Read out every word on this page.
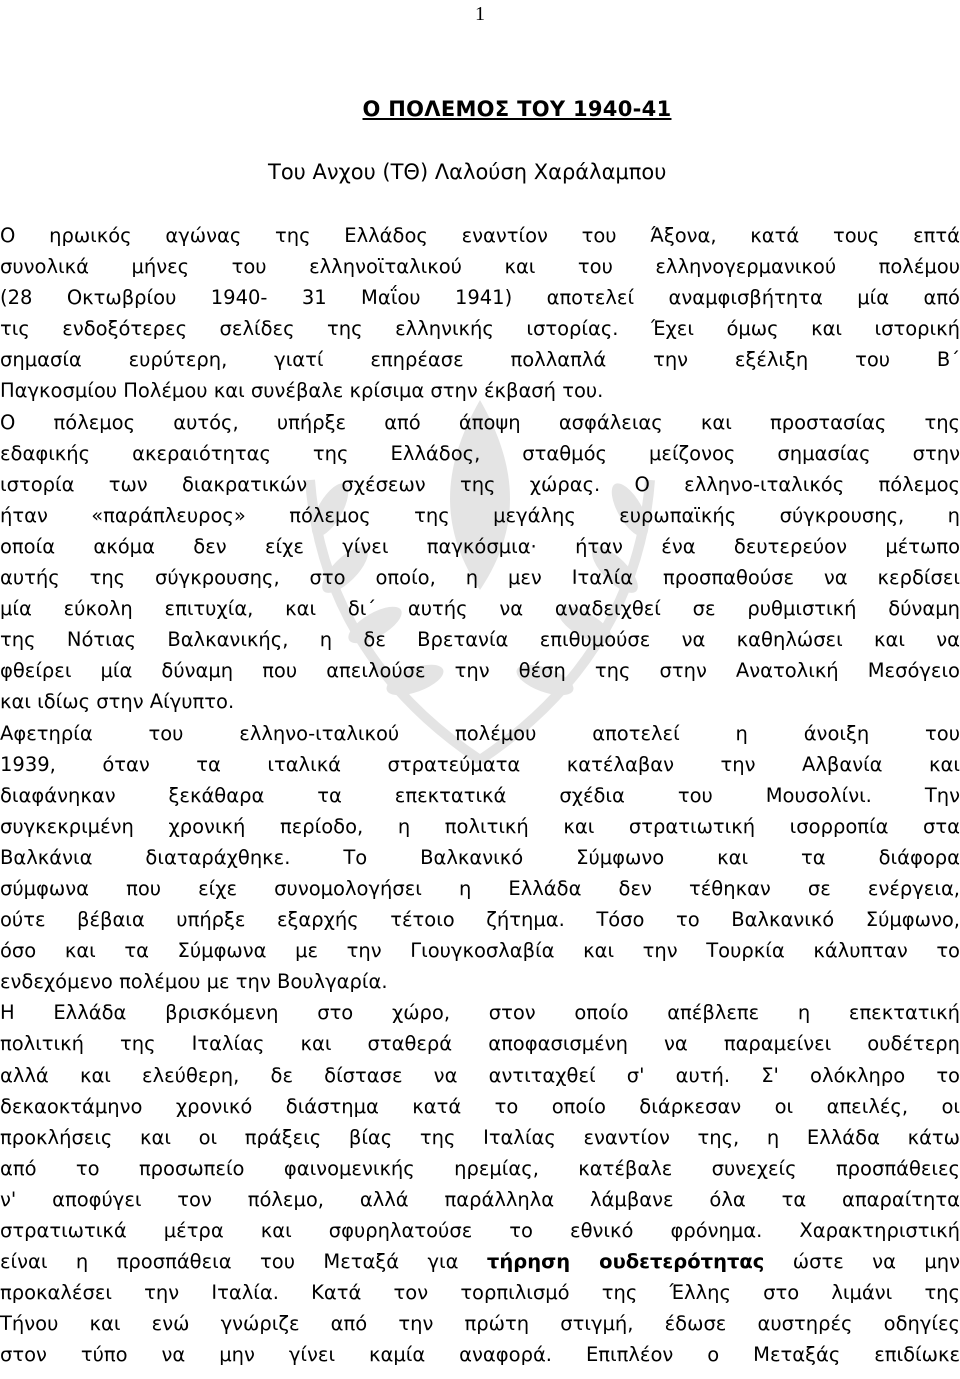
1
Ο ΠΟΛΕΜΟΣ ΤΟΥ 1940-41
Του Ανχου (ΤΘ) Λαλούση Χαράλαμπου
Ο ηρωικός αγώνας της Ελλάδος εναντίον του Άξονα, κατά τους επτά
συνολικά μήνες του ελληνοϊταλικού και του ελληνογερμανικού πολέμου
(28 Οκτωβρίου 1940- 31 Μαΐου 1941) αποτελεί αναμφισβήτητα μία από
τις ενδοξότερες σελίδες της ελληνικής ιστορίας. Έχει όμως και ιστορική
σημασία ευρύτερη, γιατί επηρέασε πολλαπλά την εξέλιξη του Β΄
Παγκοσμίου Πολέμου και συνέβαλε κρίσιμα στην έκβασή του.
Ο πόλεμος αυτός, υπήρξε από άποψη ασφάλειας και προστασίας της
εδαφικής ακεραιότητας της Ελλάδος, σταθμός μείζονος σημασίας στην
ιστορία των διακρατικών σχέσεων της χώρας. Ο ελληνο-ιταλικός πόλεμος
ήταν «παράπλευρος» πόλεμος της μεγάλης ευρωπαϊκής σύγκρουσης, η
οποία ακόμα δεν είχε γίνει παγκόσμια· ήταν ένα δευτερεύον μέτωπο
αυτής της σύγκρουσης, στο οποίο, η μεν Ιταλία προσπαθούσε να κερδίσει
μία εύκολη επιτυχία, και δι΄ αυτής να αναδειχθεί σε ρυθμιστική δύναμη
της Νότιας Βαλκανικής, η δε Βρετανία επιθυμούσε να καθηλώσει και να
φθείρει μία δύναμη που απειλούσε την θέση της στην Ανατολική Μεσόγειο
και ιδίως στην Αίγυπτο.
Αφετηρία του ελληνο-ιταλικού πολέμου αποτελεί η άνοιξη του
1939, όταν τα ιταλικά στρατεύματα κατέλαβαν την Αλβανία και
διαφάνηκαν ξεκάθαρα τα επεκτατικά σχέδια του Μουσολίνι. Την
συγκεκριμένη χρονική περίοδο, η πολιτική και στρατιωτική ισορροπία στα
Βαλκάνια διαταράχθηκε. Το Βαλκανικό Σύμφωνο και τα διάφορα
σύμφωνα που είχε συνομολογήσει η Ελλάδα δεν τέθηκαν σε ενέργεια,
ούτε βέβαια υπήρξε εξαρχής τέτοιο ζήτημα. Τόσο το Βαλκανικό Σύμφωνο,
όσο και τα Σύμφωνα με την Γιουγκοσλαβία και την Τουρκία κάλυπταν το
ενδεχόμενο πολέμου με την Βουλγαρία.
Η Ελλάδα βρισκόμενη στο χώρο, στον οποίο απέβλεπε η επεκτατική
πολιτική της Ιταλίας και σταθερά αποφασισμένη να παραμείνει ουδέτερη
αλλά και ελεύθερη, δε δίστασε να αντιταχθεί σ' αυτή. Σ' ολόκληρο το
δεκαοκτάμηνο χρονικό διάστημα κατά το οποίο διάρκεσαν οι απειλές, οι
προκλήσεις και οι πράξεις βίας της Ιταλίας εναντίον της, η Ελλάδα κάτω
από το προσωπείο φαινομενικής ηρεμίας, κατέβαλε συνεχείς προσπάθειες
ν' αποφύγει τον πόλεμο, αλλά παράλληλα λάμβανε όλα τα απαραίτητα
στρατιωτικά μέτρα και σφυρηλατούσε το εθνικό φρόνημα. Χαρακτηριστική
είναι η προσπάθεια του Μεταξά για τήρηση ουδετερότητας ώστε να μην
προκαλέσει την Ιταλία. Κατά τον τορπιλισμό της Έλλης στο λιμάνι της
Τήνου και ενώ γνώριζε από την πρώτη στιγμή, έδωσε αυστηρές οδηγίες
στον τύπο να μην γίνει καμία αναφορά. Επιπλέον ο Μεταξάς επιδίωκε
